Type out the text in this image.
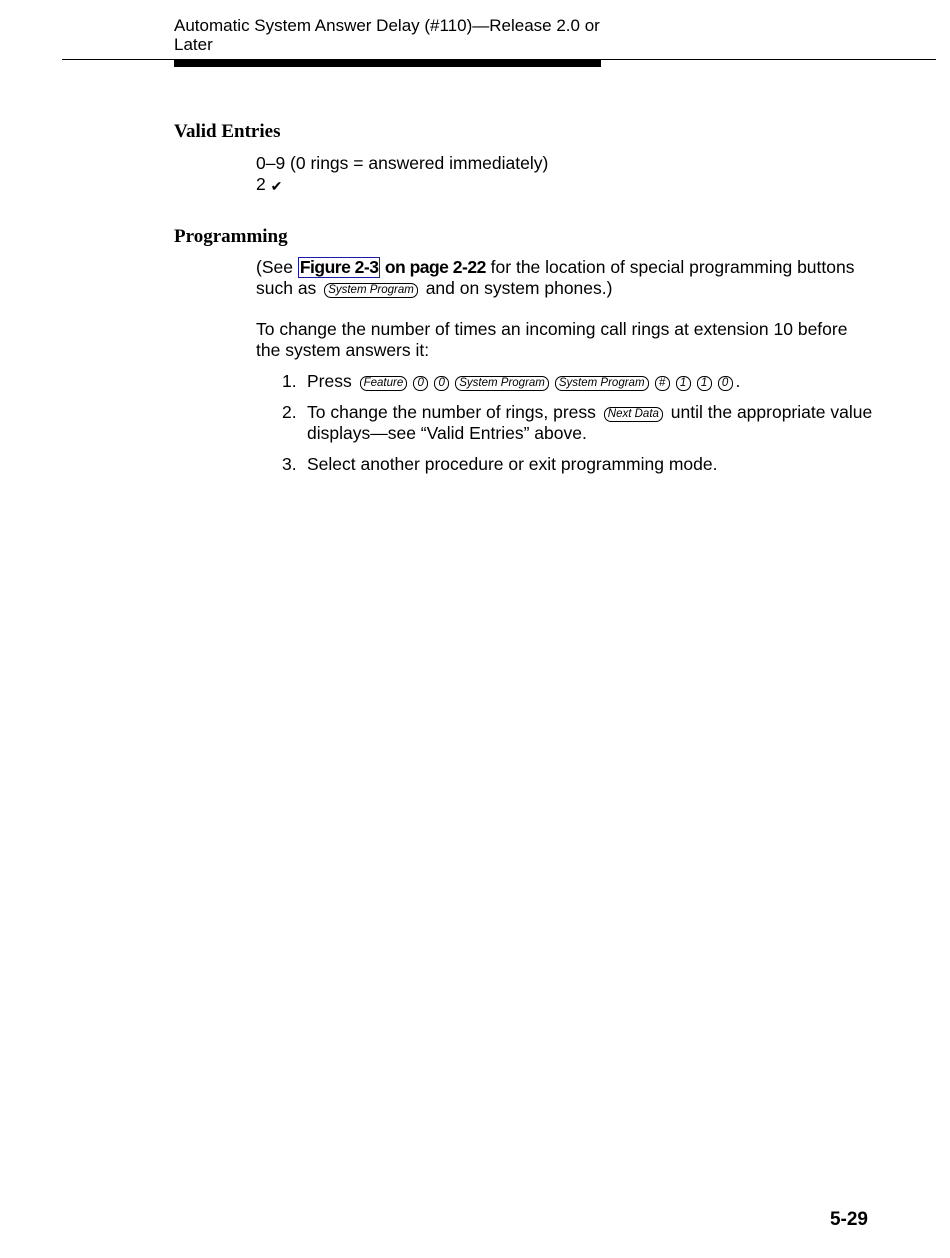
Automatic System Answer Delay (#110)—Release 2.0 or Later
Valid Entries
0–9 (0 rings = answered immediately)
2 ✔
Programming
(See Figure 2-3 on page 2-22 for the location of special programming buttons such as System Program and on system phones.)
To change the number of times an incoming call rings at extension 10 before the system answers it:
1. Press Feature 0 0 System Program System Program # 1 1 0 .
2. To change the number of rings, press Next Data until the appropriate value displays—see “Valid Entries” above.
3. Select another procedure or exit programming mode.
5-29
